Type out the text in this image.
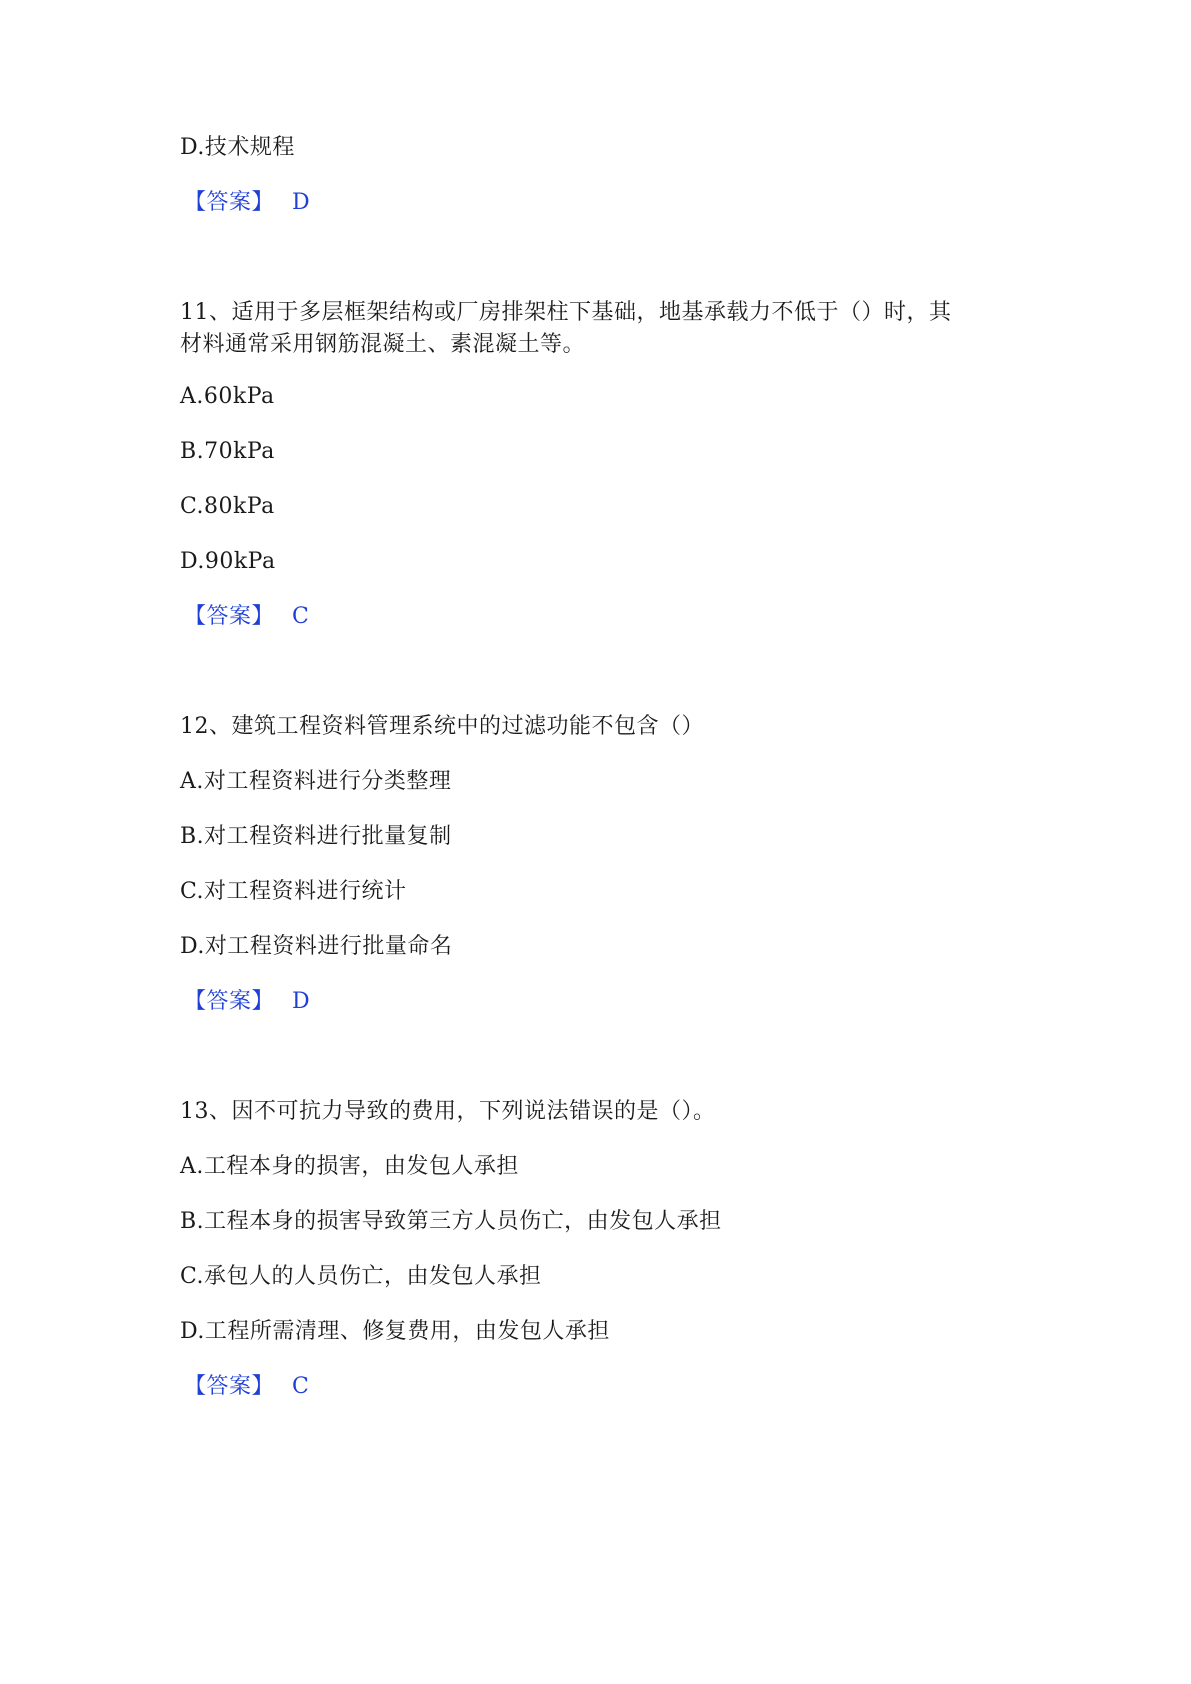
D.技术规程
【答案】 D
11、适用于多层框架结构或厂房排架柱下基础，地基承载力不低于（）时，其
材料通常采用钢筋混凝土、素混凝土等。
A.60kPa
B.70kPa
C.80kPa
D.90kPa
【答案】 C
12、建筑工程资料管理系统中的过滤功能不包含（）
A.对工程资料进行分类整理
B.对工程资料进行批量复制
C.对工程资料进行统计
D.对工程资料进行批量命名
【答案】 D
13、因不可抗力导致的费用，下列说法错误的是（）。
A.工程本身的损害，由发包人承担
B.工程本身的损害导致第三方人员伤亡，由发包人承担
C.承包人的人员伤亡，由发包人承担
D.工程所需清理、修复费用，由发包人承担
【答案】 C
